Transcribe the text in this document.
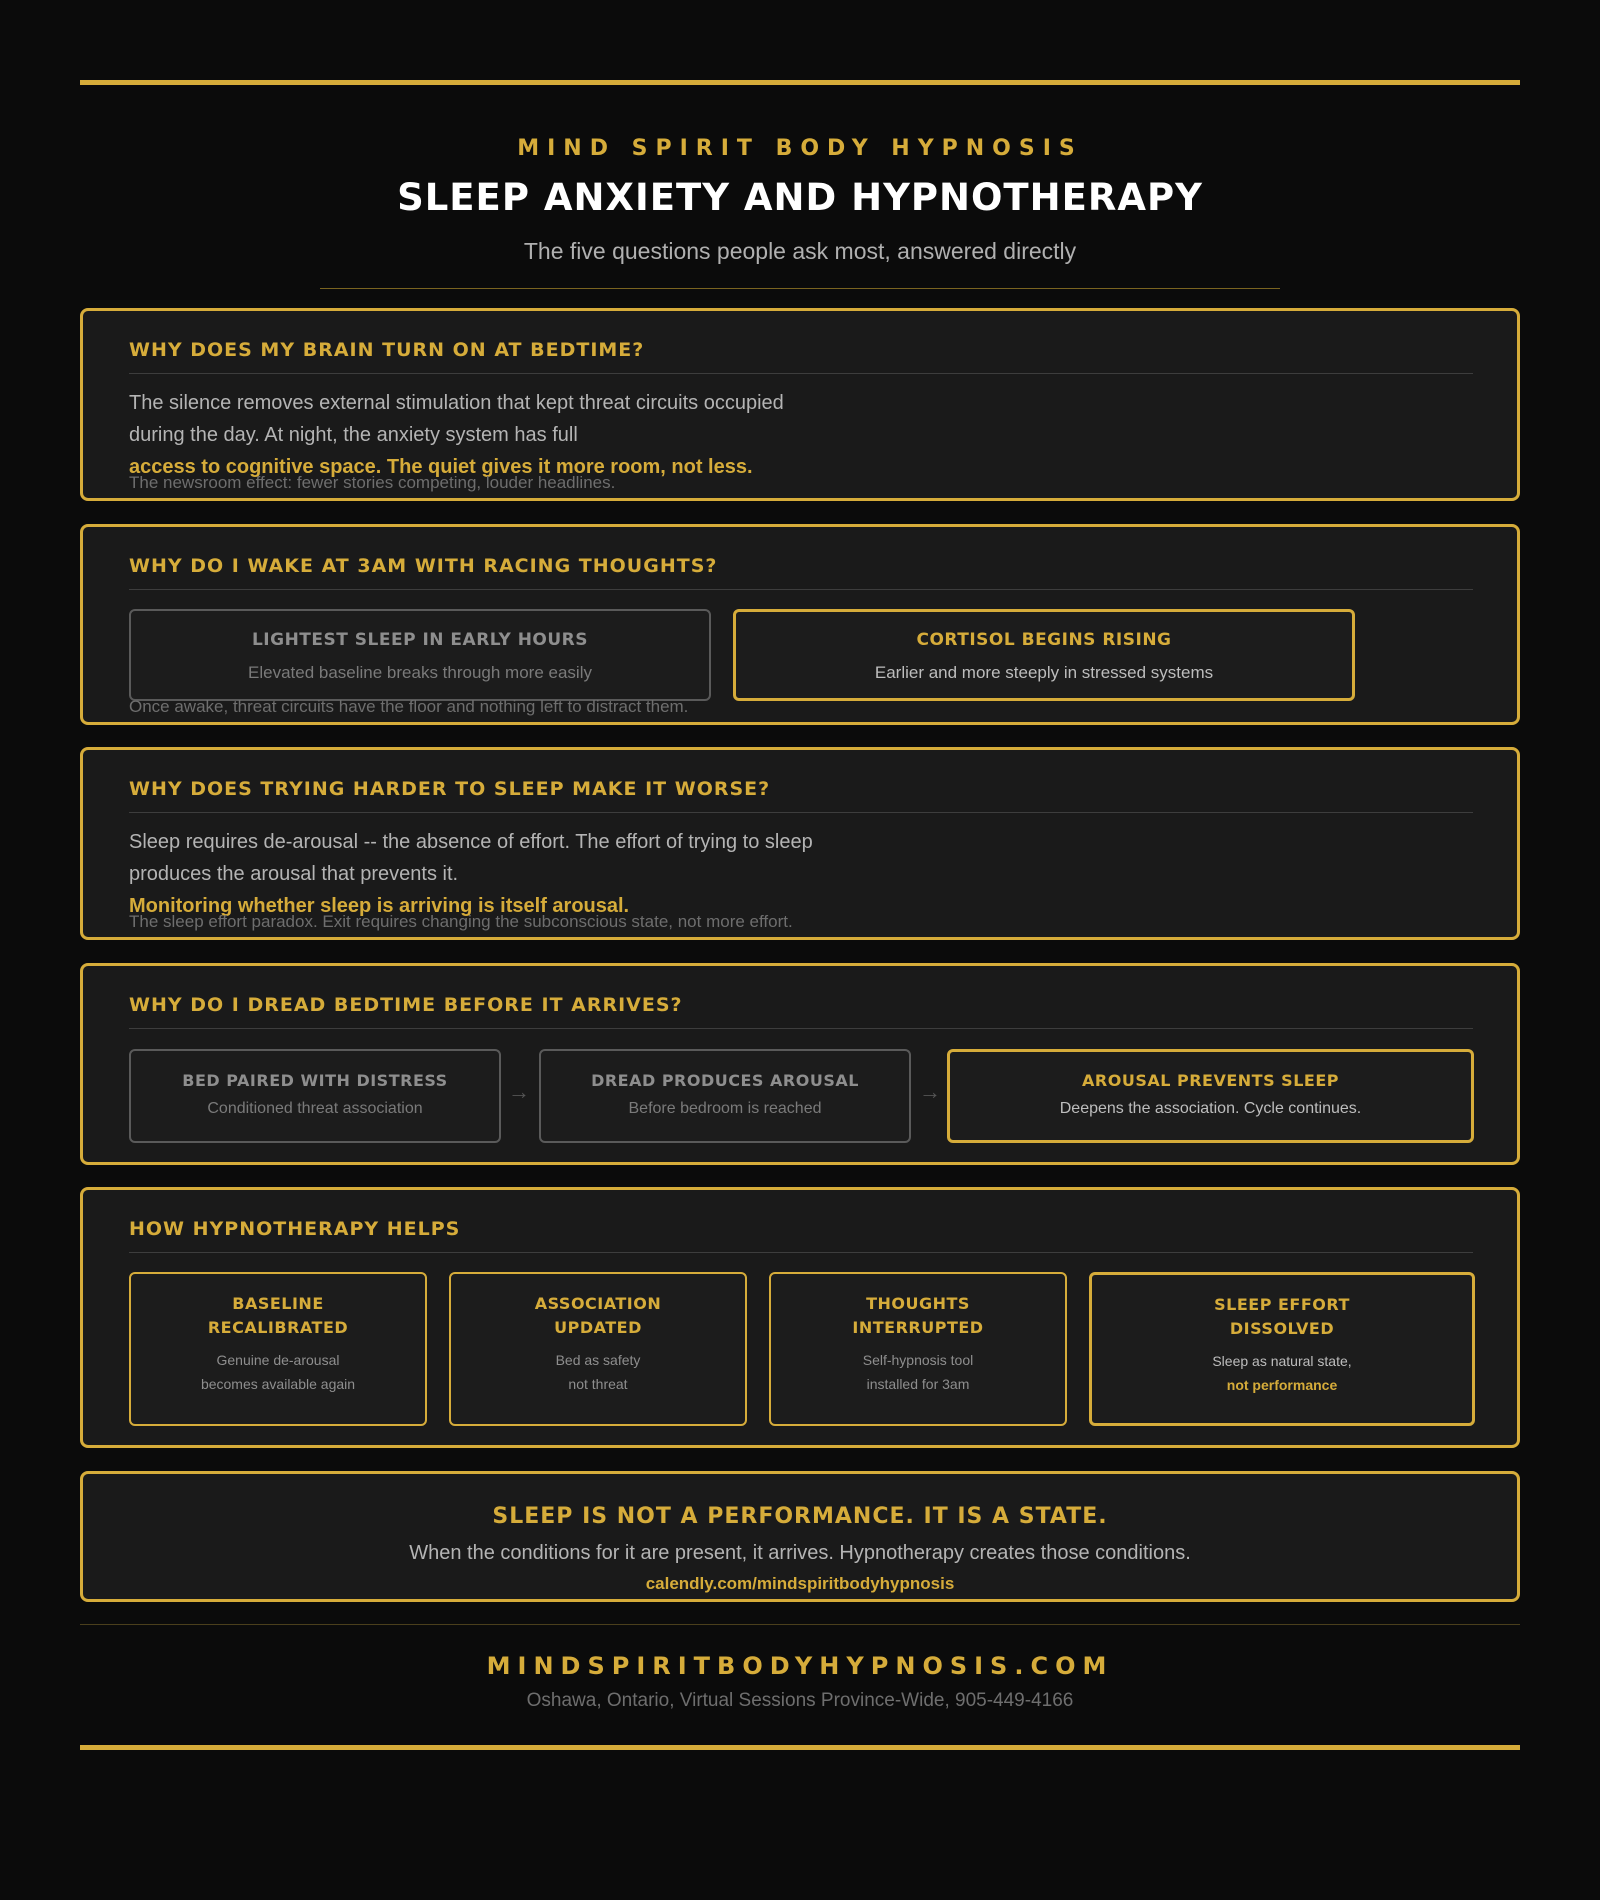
MIND SPIRIT BODY HYPNOSIS
SLEEP ANXIETY AND HYPNOTHERAPY
The five questions people ask most, answered directly
WHY DOES MY BRAIN TURN ON AT BEDTIME?
The silence removes external stimulation that kept threat circuits occupied during the day. At night, the anxiety system has full
access to cognitive space. The quiet gives it more room, not less.
The newsroom effect: fewer stories competing, louder headlines.
WHY DO I WAKE AT 3AM WITH RACING THOUGHTS?
LIGHTEST SLEEP IN EARLY HOURS
Elevated baseline breaks through more easily
CORTISOL BEGINS RISING
Earlier and more steeply in stressed systems
Once awake, threat circuits have the floor and nothing left to distract them.
WHY DOES TRYING HARDER TO SLEEP MAKE IT WORSE?
Sleep requires de-arousal -- the absence of effort. The effort of trying to sleep produces the arousal that prevents it.
Monitoring whether sleep is arriving is itself arousal.
The sleep effort paradox. Exit requires changing the subconscious state, not more effort.
WHY DO I DREAD BEDTIME BEFORE IT ARRIVES?
BED PAIRED WITH DISTRESS
Conditioned threat association
→	DREAD PRODUCES AROUSAL
Before bedroom is reached
→	AROUSAL PREVENTS SLEEP
Deepens the association. Cycle continues.
HOW HYPNOTHERAPY HELPS
BASELINE
RECALIBRATED
Genuine de-arousal
becomes available again
ASSOCIATION
UPDATED
Bed as safety
not threat
THOUGHTS
INTERRUPTED
Self-hypnosis tool
installed for 3am
SLEEP EFFORT
DISSOLVED
Sleep as natural state,
not performance
SLEEP IS NOT A PERFORMANCE. IT IS A STATE.
When the conditions for it are present, it arrives. Hypnotherapy creates those conditions.
calendly.com/mindspiritbodyhypnosis
MINDSPIRITBODYHYPNOSIS.COM
Oshawa, Ontario, Virtual Sessions Province-Wide, 905-449-4166
